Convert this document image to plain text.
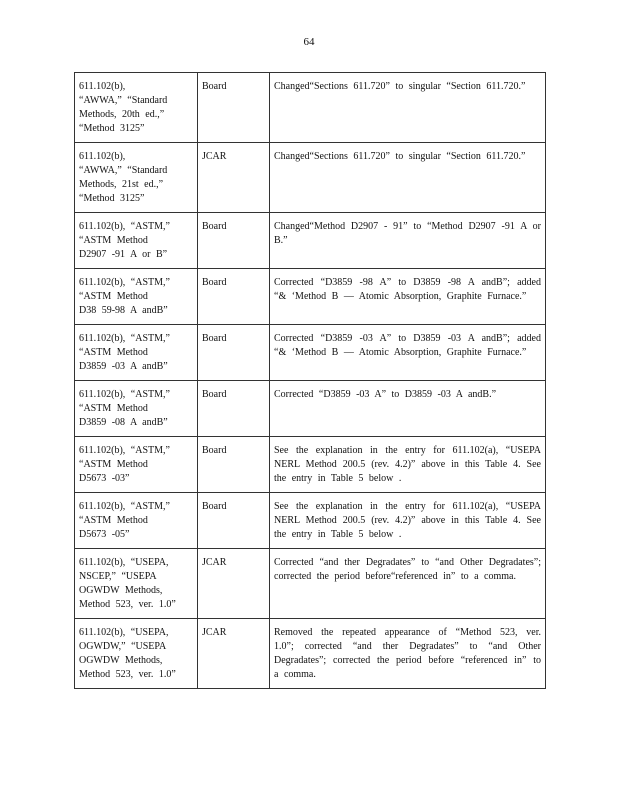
64
611.102(b),
“AWWA,” “Standard
Methods, 20th ed.,”
“Method 3125”	Board	Changed“Sections 611.720” to singular “Section 611.720.”

611.102(b),
“AWWA,” “Standard
Methods, 21st ed.,”
“Method 3125”	JCAR	Changed“Sections 611.720” to singular “Section 611.720.”

611.102(b), “ASTM,”
“ASTM Method
D2907 -91 A or B”	Board	Changed“Method D2907 - 91” to “Method D2907 -91 A or B.”

611.102(b), “ASTM,”
“ASTM Method
D38 59-98 A andB”	Board	Corrected “D3859 -98 A” to D3859 -98 A andB”; added “& ‘Method B — Atomic Absorption, Graphite Furnace.”

611.102(b), “ASTM,”
“ASTM Method
D3859 -03 A andB”	Board	Corrected “D3859 -03 A” to D3859 -03 A andB”; added “& ‘Method B — Atomic Absorption, Graphite Furnace.”

611.102(b), “ASTM,”
“ASTM Method
D3859 -08 A andB”	Board	Corrected “D3859 -03 A” to D3859 -03 A andB.”

611.102(b), “ASTM,”
“ASTM Method
D5673 -03”	Board	See the explanation in the entry for 611.102(a), “USEPA NERL Method 200.5 (rev. 4.2)” above in this Table 4. See the entry in Table 5 below .

611.102(b), “ASTM,”
“ASTM Method
D5673 -05”	Board	See the explanation in the entry for 611.102(a), “USEPA NERL Method 200.5 (rev. 4.2)” above in this Table 4. See the entry in Table 5 below .

611.102(b), “USEPA,
NSCEP,” “USEPA
OGWDW Methods,
Method 523, ver. 1.0”	JCAR	Corrected “and ther Degradates” to “and Other Degradates”; corrected the period before“referenced in” to a comma.

611.102(b), “USEPA,
OGWDW,” “USEPA
OGWDW Methods,
Method 523, ver. 1.0”	JCAR	Removed the repeated appearance of “Method 523, ver. 1.0”; corrected “and ther Degradates” to “and Other Degradates”; corrected the period before “referenced in” to a comma.
